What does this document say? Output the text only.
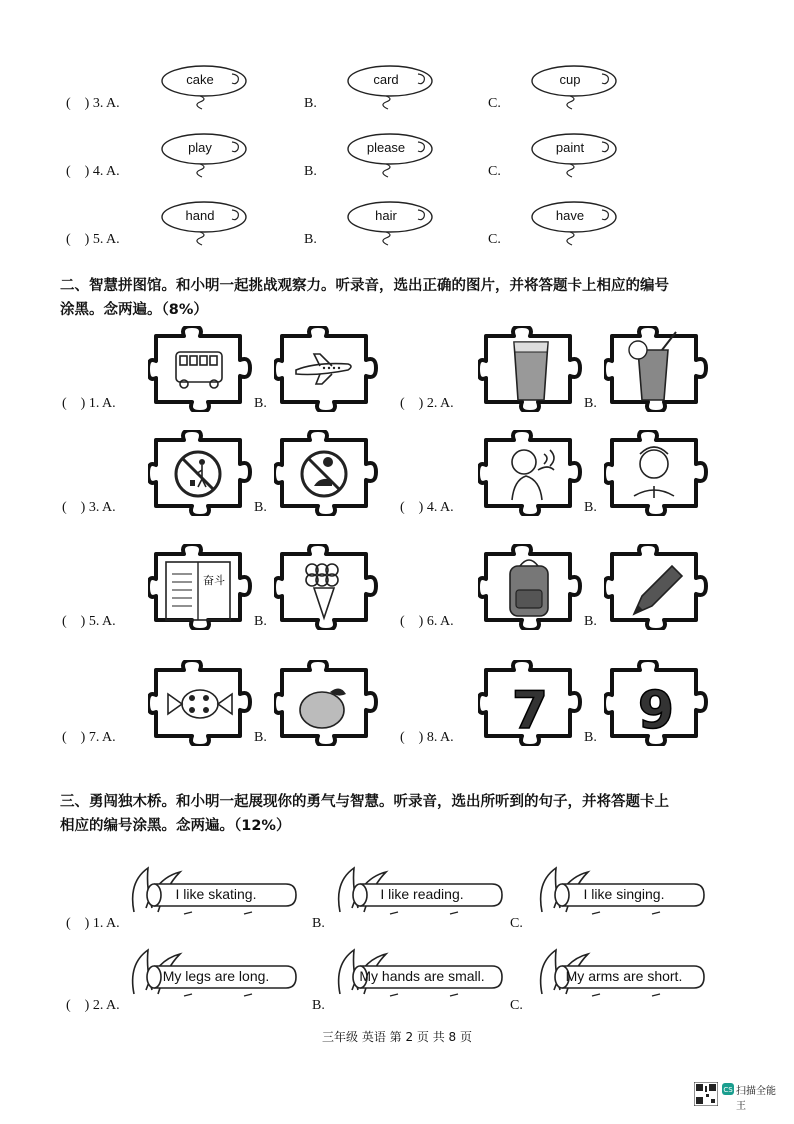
(    ) 3. A.	B.	C.
cake	card	cup
(    ) 4. A.	B.	C.
play	please	paint
(    ) 5. A.	B.	C.
hand	hair	have
二、智慧拼图馆。和小明一起挑战观察力。听录音，选出正确的图片，并将答题卡上相应的编号
涂黑。念两遍。（8%）
(    ) 1. A.	B.	(    ) 2. A.	B.
(    ) 3. A.	B.	(    ) 4. A.	B.
(    ) 5. A.	B.
奋斗
(    ) 6. A.	B.
(    ) 7. A.	B.	(    ) 8. A.	B.
7 9
三、勇闯独木桥。和小明一起展现你的勇气与智慧。听录音，选出所听到的句子，并将答题卡上
相应的编号涂黑。念两遍。（12%）
(    ) 1. A.	B.	C.
I like skating.	I like reading.	I like singing.
(    ) 2. A.	B.	C.
My legs are long.	My hands are small.	My arms are short.
三年级 英语 第 2 页 共 8 页
CS 扫描全能王
